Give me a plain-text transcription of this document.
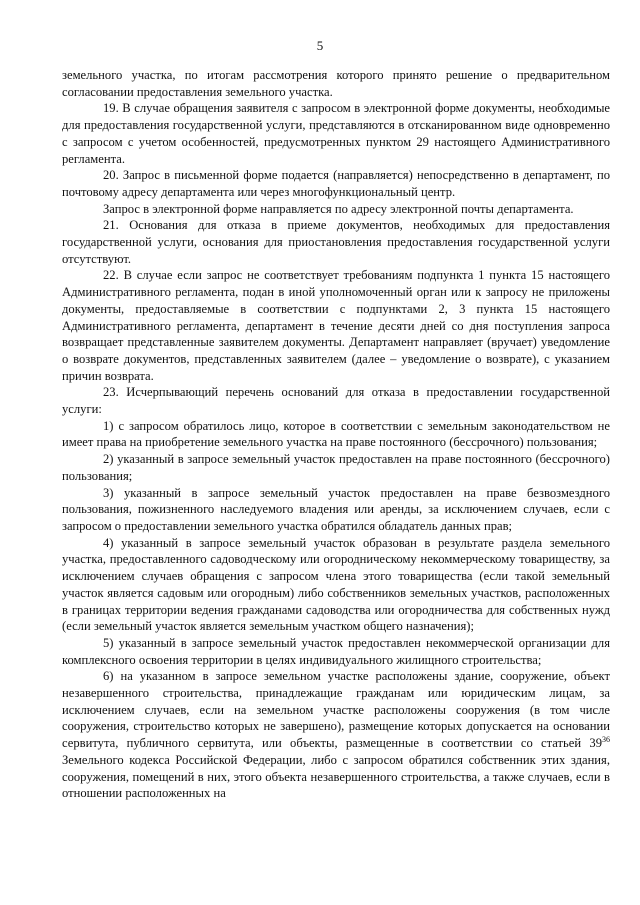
5

земельного участка, по итогам рассмотрения которого принято решение о предварительном согласовании предоставления земельного участка.

19. В случае обращения заявителя с запросом в электронной форме документы, необходимые для предоставления государственной услуги, представляются в отсканированном виде одновременно с запросом с учетом особенностей, предусмотренных пунктом 29 настоящего Административного регламента.

20. Запрос в письменной форме подается (направляется) непосредственно в департамент, по почтовому адресу департамента или через многофункциональный центр.

Запрос в электронной форме направляется по адресу электронной почты департамента.

21. Основания для отказа в приеме документов, необходимых для предоставления государственной услуги, основания для приостановления предоставления государственной услуги отсутствуют.

22. В случае если запрос не соответствует требованиям подпункта 1 пункта 15 настоящего Административного регламента, подан в иной уполномоченный орган или к запросу не приложены документы, предоставляемые в соответствии с подпунктами 2, 3 пункта 15 настоящего Административного регламента, департамент в течение десяти дней со дня поступления запроса возвращает представленные заявителем документы. Департамент направляет (вручает) уведомление о возврате документов, представленных заявителем (далее – уведомление о возврате), с указанием причин возврата.

23. Исчерпывающий перечень оснований для отказа в предоставлении государственной услуги:

1) с запросом обратилось лицо, которое в соответствии с земельным законодательством не имеет права на приобретение земельного участка на праве постоянного (бессрочного) пользования;

2) указанный в запросе земельный участок предоставлен на праве постоянного (бессрочного) пользования;

3) указанный в запросе земельный участок предоставлен на праве безвозмездного пользования, пожизненного наследуемого владения или аренды, за исключением случаев, если с запросом о предоставлении земельного участка обратился обладатель данных прав;

4) указанный в запросе земельный участок образован в результате раздела земельного участка, предоставленного садоводческому или огородническому некоммерческому товариществу, за исключением случаев обращения с запросом члена этого товарищества (если такой земельный участок является садовым или огородным) либо собственников земельных участков, расположенных в границах территории ведения гражданами садоводства или огородничества для собственных нужд (если земельный участок является земельным участком общего назначения);

5) указанный в запросе земельный участок предоставлен некоммерческой организации для комплексного освоения территории в целях индивидуального жилищного строительства;

6) на указанном в запросе земельном участке расположены здание, сооружение, объект незавершенного строительства, принадлежащие гражданам или юридическим лицам, за исключением случаев, если на земельном участке расположены сооружения (в том числе сооружения, строительство которых не завершено), размещение которых допускается на основании сервитута, публичного сервитута, или объекты, размещенные в соответствии со статьей $39^{36}$ Земельного кодекса Российской Федерации, либо с запросом обратился собственник этих здания, сооружения, помещений в них, этого объекта незавершенного строительства, а также случаев, если в отношении расположенных на
